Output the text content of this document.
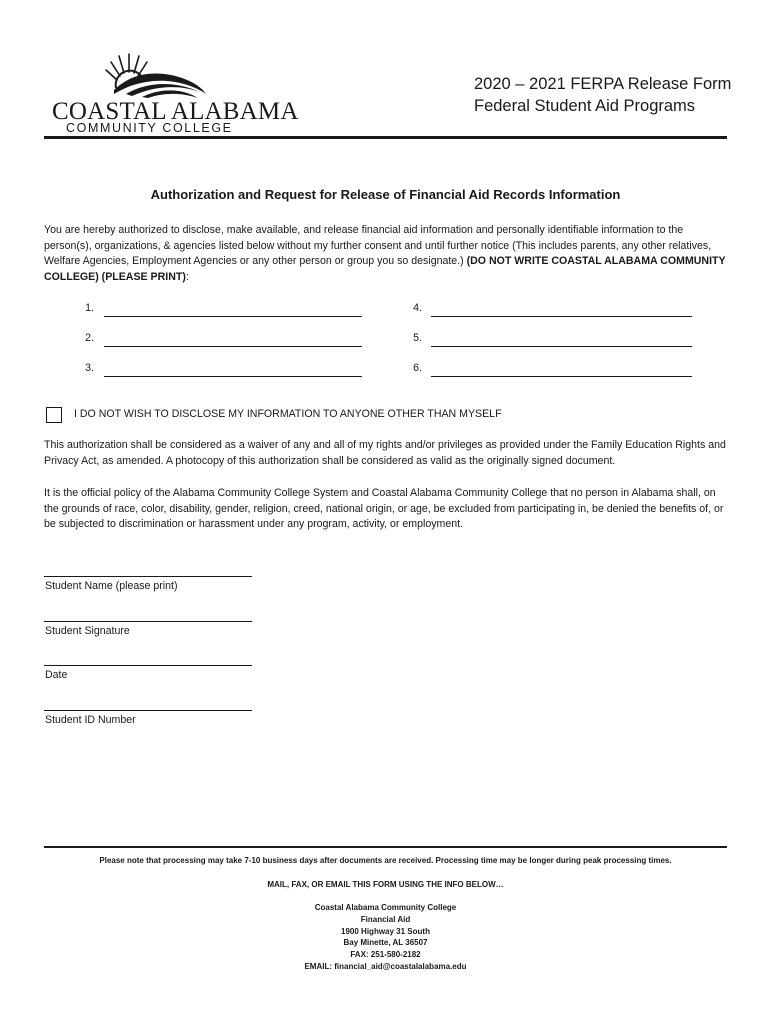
COASTAL ALABAMA
COMMUNITY COLLEGE
2020 – 2021 FERPA Release Form
Federal Student Aid Programs
Authorization and Request for Release of Financial Aid Records Information
You are hereby authorized to disclose, make available, and release financial aid information and personally identifiable information to the person(s), organizations, & agencies listed below without my further consent and until further notice (This includes parents, any other relatives, Welfare Agencies, Employment Agencies or any other person or group you so designate.) (DO NOT WRITE COASTAL ALABAMA COMMUNITY COLLEGE) (PLEASE PRINT):
1.
2.
3.
4.
5.
6.
I DO NOT WISH TO DISCLOSE MY INFORMATION TO ANYONE OTHER THAN MYSELF
This authorization shall be considered as a waiver of any and all of my rights and/or privileges as provided under the Family Education Rights and Privacy Act, as amended. A photocopy of this authorization shall be considered as valid as the originally signed document.
It is the official policy of the Alabama Community College System and Coastal Alabama Community College that no person in Alabama shall, on the grounds of race, color, disability, gender, religion, creed, national origin, or age, be excluded from participating in, be denied the benefits of, or be subjected to discrimination or harassment under any program, activity, or employment.
Student Name (please print)
Student Signature
Date
Student ID Number
Please note that processing may take 7-10 business days after documents are received. Processing time may be longer during peak processing times.
MAIL, FAX, OR EMAIL THIS FORM USING THE INFO BELOW…
Coastal Alabama Community College
Financial Aid
1900 Highway 31 South
Bay Minette, AL 36507
FAX: 251-580-2182
EMAIL: financial_aid@coastalalabama.edu
